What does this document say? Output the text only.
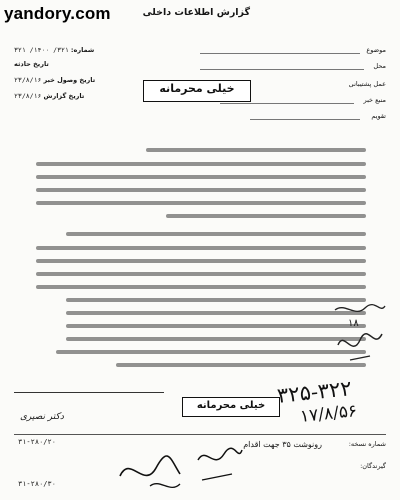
yandory.com	گزارش اطلاعات داخلی
شماره: ۳۲۱/ ۱۴۰۰/ ۳۲۱
تاریخ حادثه
تاریخ وصول خبر ۲۳/۸/۱۶
تاریخ گزارش ۲۳/۸/۱۶
موضوع
محل
عمل پشتیبانی
منبع خبر
تقویم
خیلی محرمانه
۱۸
خیلی محرمانه ۳۲۵-۳۲۲
۱۷/۸/۵۶
دکتر نصیری
شماره نسخه:
گیرندگان:
رونوشت ۳۵ جهت اقدام
۳۱-۲۸۰/۲۰
۳۱-۲۸۰/۳۰
